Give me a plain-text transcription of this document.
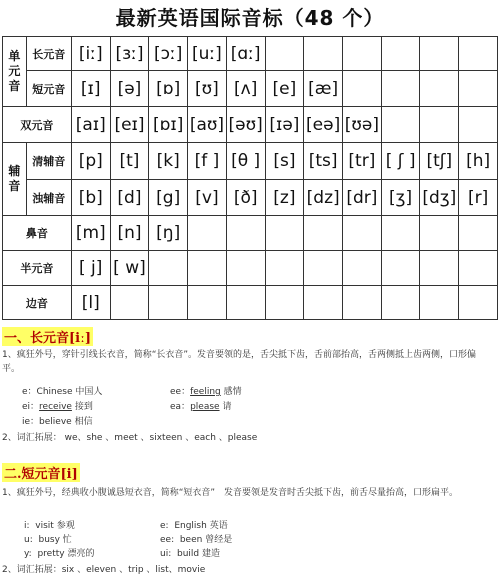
最新英语国际音标（48 个）
单元音	长元音	[iː]	[ɜː]	[ɔː]	[uː]	[ɑː]						
	短元音	[ɪ]	[ə]	[ɒ]	[ʊ]	[ʌ]	[e]	[æ]				
双元音		[aɪ]	[eɪ]	[ɒɪ]	[aʊ]	[əʊ]	[ɪə]	[eə]	[ʊə]			
辅音	清辅音	[p]	[t]	[k]	[f ]	[θ ]	[s]	[ts]	[tr]	[ ʃ ]	[tʃ]	[h]
	浊辅音	[b]	[d]	[g]	[v]	[ð]	[z]	[dz]	[dr]	[ʒ]	[dʒ]	[r]
鼻音		[m]	[n]	[ŋ]								
半元音		[ j]	[ w]									
边音		[l]										
一、长元音[iː]
1、疯狂外号，穿针引线长衣音，简称“长衣音”。发音要领的是，舌尖抵下齿，舌前部抬高，舌两侧抵上齿两侧，口形偏平。
e：Chinese 中国人	ee：feeling 感情
ei：receive 接到	ea：please 请
ie：believe 相信
2、词汇拓展： we、she 、meet 、sixteen 、each 、please
二.短元音[i]
1、疯狂外号，经典收小腹诚恳短衣音，简称“短衣音”　发音要领是发音时舌尖抵下齿，前舌尽量抬高，口形扁平。
i: visit 参观	e: English 英语
u: busy 忙	ee: been 曾经是
y: pretty 漂亮的	ui: build 建造
2、词汇拓展：six 、eleven 、trip 、list、movie
